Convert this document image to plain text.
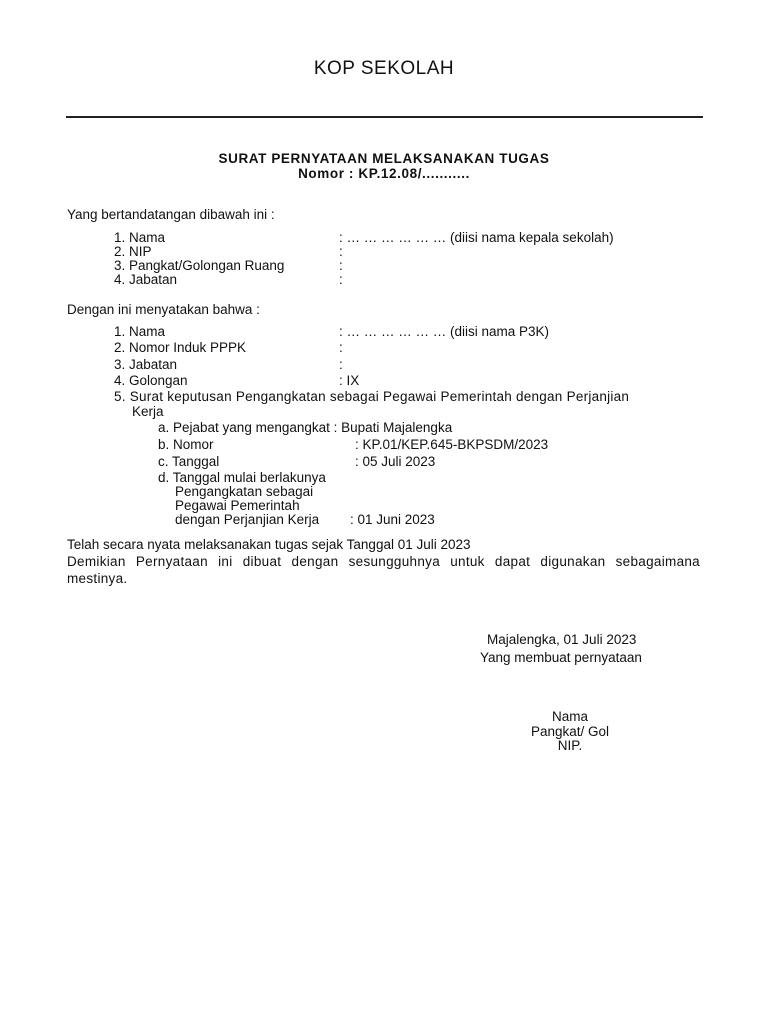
KOP SEKOLAH
SURAT PERNYATAAN MELAKSANAKAN TUGAS
Nomor : KP.12.08/...........
Yang bertandatangan dibawah ini :
1. Nama	: … … … … … … (diisi nama kepala sekolah)
2. NIP	:
3. Pangkat/Golongan Ruang	:
4. Jabatan	:
Dengan ini menyatakan bahwa :
1. Nama	: … … … … … … (diisi nama P3K)
2. Nomor Induk PPPK	:
3. Jabatan	:
4. Golongan	: IX
5. Surat keputusan Pengangkatan sebagai Pegawai Pemerintah dengan Perjanjian
Kerja
a. Pejabat yang mengangkat : Bupati Majalengka
b. Nomor	: KP.01/KEP.645-BKPSDM/2023
c. Tanggal	: 05 Juli 2023
d. Tanggal mulai berlakunya
Pengangkatan sebagai
Pegawai Pemerintah
dengan Perjanjian Kerja : 01 Juni 2023
Telah secara nyata melaksanakan tugas sejak Tanggal 01 Juli 2023
Demikian Pernyataan ini dibuat dengan sesungguhnya untuk dapat digunakan sebagaimana mestinya.
Majalengka, 01 Juli 2023
Yang membuat pernyataan
Nama
Pangkat/ Gol
NIP.
